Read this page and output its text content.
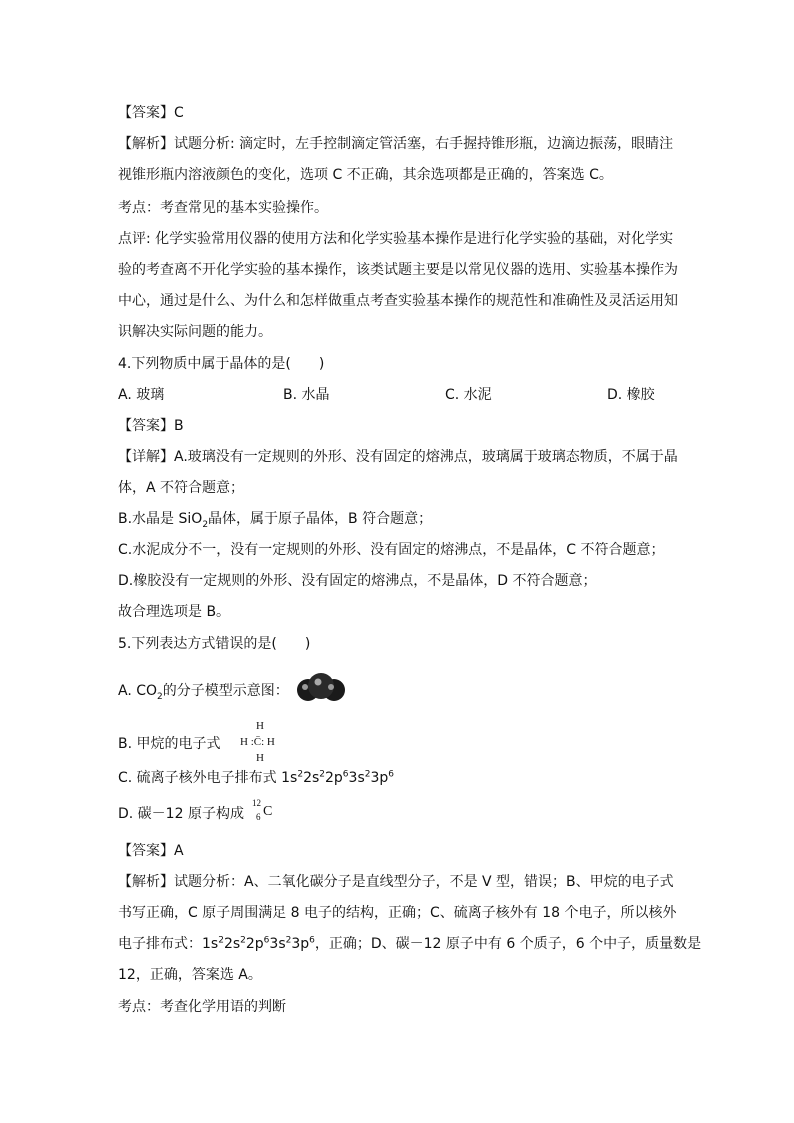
【答案】C

【解析】试题分析: 滴定时，左手控制滴定管活塞，右手握持锥形瓶，边滴边振荡，眼睛注

视锥形瓶内溶液颜色的变化，选项 C 不正确，其余选项都是正确的，答案选 C。

考点：考查常见的基本实验操作。

点评: 化学实验常用仪器的使用方法和化学实验基本操作是进行化学实验的基础，对化学实

验的考查离不开化学实验的基本操作，该类试题主要是以常见仪器的选用、实验基本操作为

中心，通过是什么、为什么和怎样做重点考查实验基本操作的规范性和准确性及灵活运用知

识解决实际问题的能力。

4.下列物质中属于晶体的是(　　)

A. 玻璃	B. 水晶	C. 水泥	D. 橡胶

【答案】B

【详解】A.玻璃没有一定规则的外形、没有固定的熔沸点，玻璃属于玻璃态物质，不属于晶

体，A 不符合题意；

B.水晶是 SiO$_2$晶体，属于原子晶体，B 符合题意；

C.水泥成分不一，没有一定规则的外形、没有固定的熔沸点，不是晶体，C 不符合题意；

D.橡胶没有一定规则的外形、没有固定的熔沸点，不是晶体，D 不符合题意；

故合理选项是 B。

5.下列表达方式错误的是(　　)

A. $CO_2$的分子模型示意图：

B. 甲烷的电子式

H
H :C̈: H
H

C. 硫离子核外电子排布式 $1s^22s^22p^63s^23p^6$

D. 碳－12 原子构成

12
6 C

【答案】A

【解析】试题分析：A、二氧化碳分子是直线型分子，不是 V 型，错误；B、甲烷的电子式

书写正确，C 原子周围满足 8 电子的结构，正确；C、硫离子核外有 18 个电子，所以核外

电子排布式：$1s^22s^22p^63s^23p^6$，正确；D、碳－12 原子中有 6 个质子，6 个中子，质量数是

12，正确，答案选 A。

考点：考查化学用语的判断
